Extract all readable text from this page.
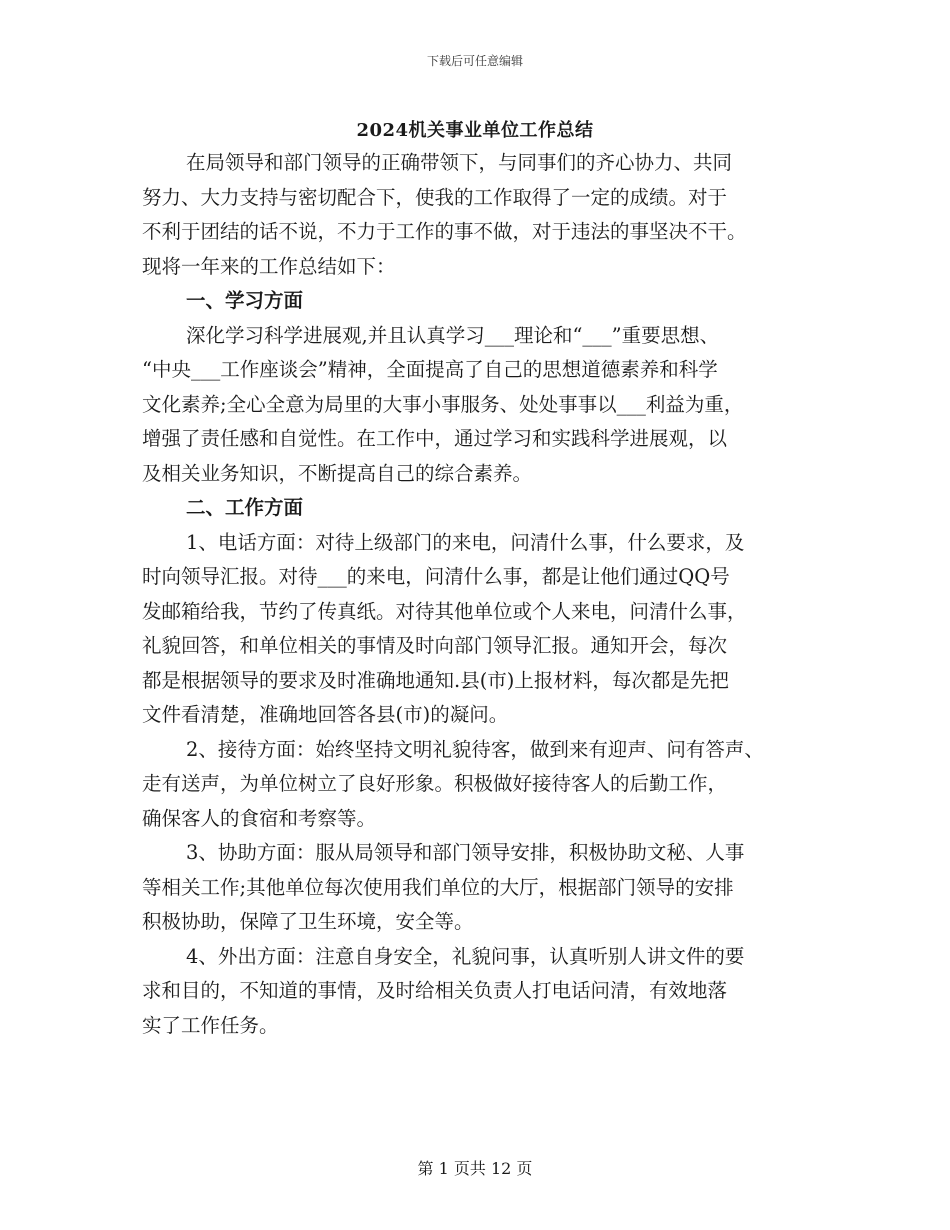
下载后可任意编辑
2024机关事业单位工作总结
在局领导和部门领导的正确带领下，与同事们的齐心协力、共同
努力、大力支持与密切配合下，使我的工作取得了一定的成绩。对于
不利于团结的话不说，不力于工作的事不做，对于违法的事坚决不干。
现将一年来的工作总结如下：
一、学习方面
深化学习科学进展观,并且认真学习___理论和“___”重要思想、
“中央___工作座谈会”精神，全面提高了自己的思想道德素养和科学
文化素养;全心全意为局里的大事小事服务、处处事事以___利益为重，
增强了责任感和自觉性。在工作中，通过学习和实践科学进展观，以
及相关业务知识，不断提高自己的综合素养。
二、工作方面
1、电话方面：对待上级部门的来电，问清什么事，什么要求，及
时向领导汇报。对待___的来电，问清什么事，都是让他们通过QQ号
发邮箱给我，节约了传真纸。对待其他单位或个人来电，问清什么事，
礼貌回答，和单位相关的事情及时向部门领导汇报。通知开会，每次
都是根据领导的要求及时准确地通知.县(市)上报材料，每次都是先把
文件看清楚，准确地回答各县(市)的凝问。
2、接待方面：始终坚持文明礼貌待客，做到来有迎声、问有答声、
走有送声，为单位树立了良好形象。积极做好接待客人的后勤工作，
确保客人的食宿和考察等。
3、协助方面：服从局领导和部门领导安排，积极协助文秘、人事
等相关工作;其他单位每次使用我们单位的大厅，根据部门领导的安排
积极协助，保障了卫生环境，安全等。
4、外出方面：注意自身安全，礼貌问事，认真听别人讲文件的要
求和目的，不知道的事情，及时给相关负责人打电话问清，有效地落
实了工作任务。
第 1 页共 12 页
